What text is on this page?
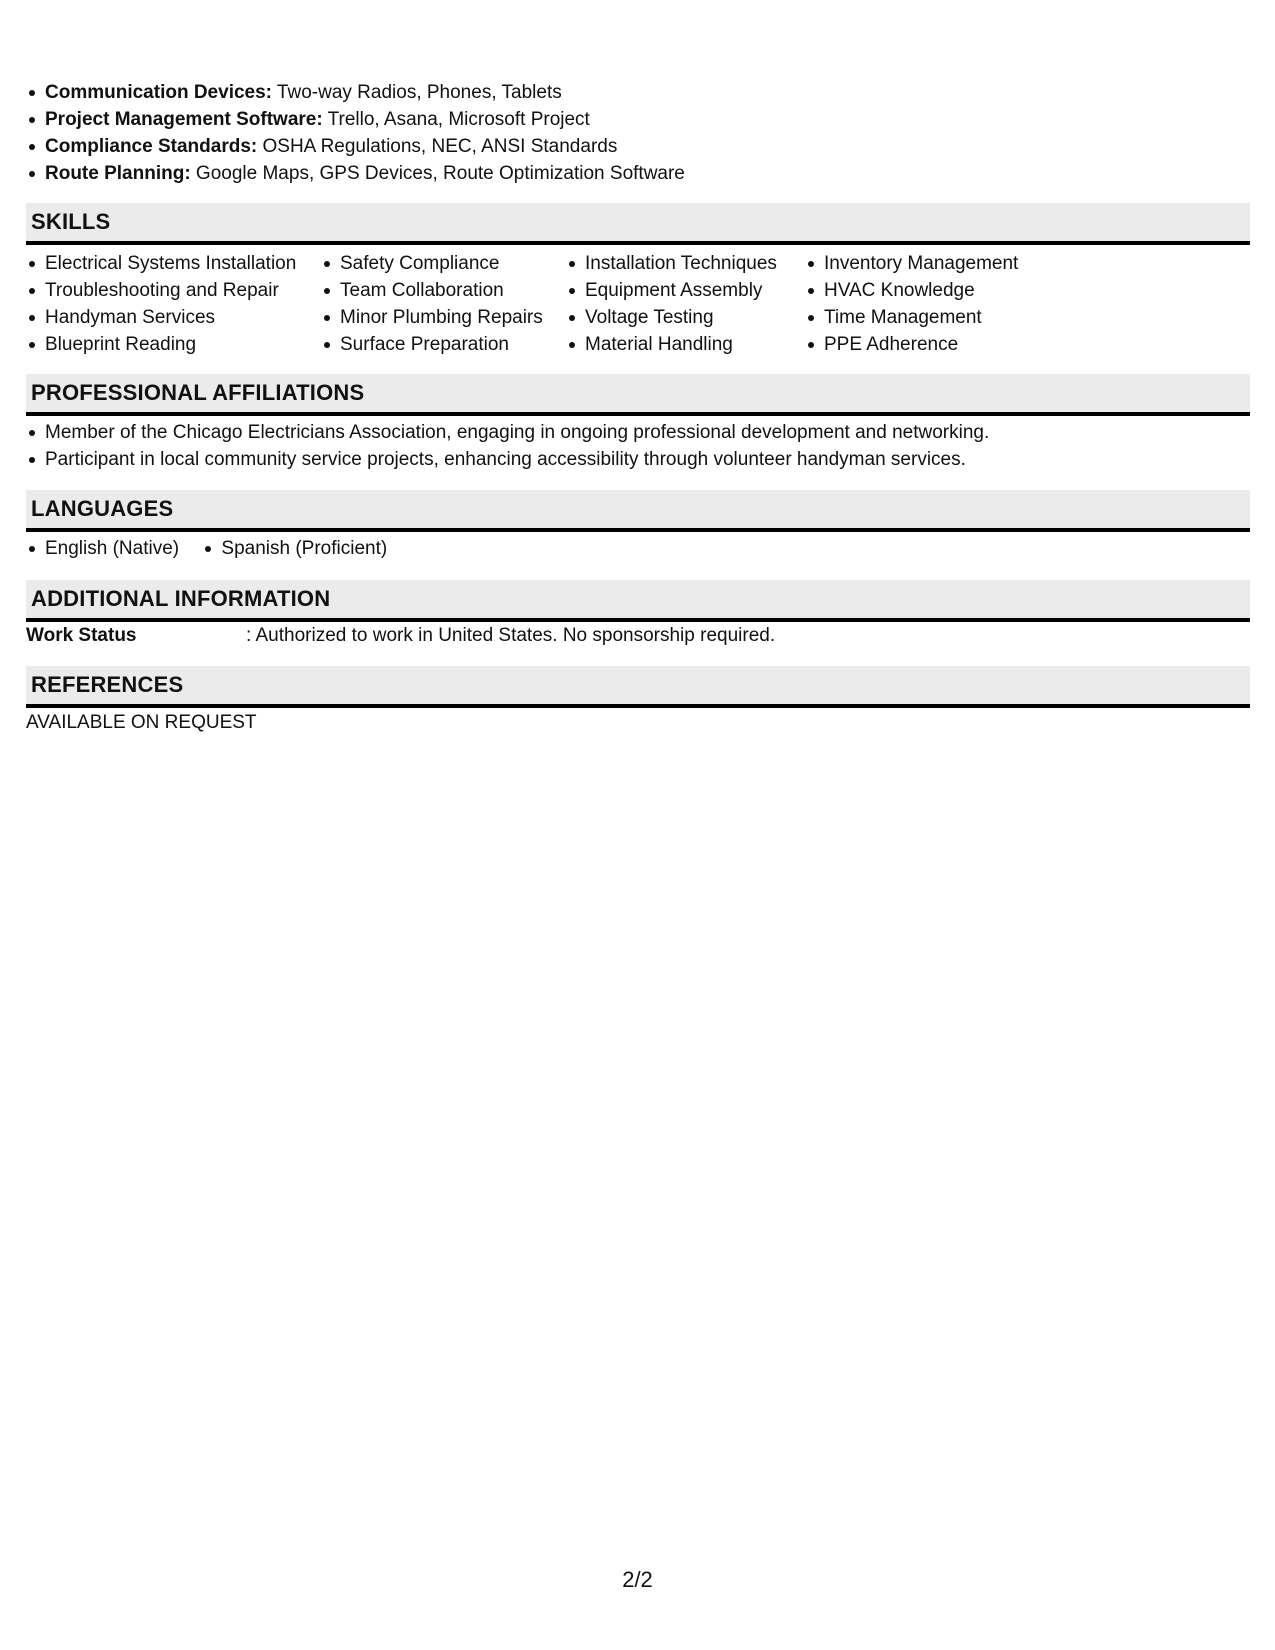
Communication Devices: Two-way Radios, Phones, Tablets
Project Management Software: Trello, Asana, Microsoft Project
Compliance Standards: OSHA Regulations, NEC, ANSI Standards
Route Planning: Google Maps, GPS Devices, Route Optimization Software
SKILLS
Electrical Systems Installation
Troubleshooting and Repair
Handyman Services
Blueprint Reading
Safety Compliance
Team Collaboration
Minor Plumbing Repairs
Surface Preparation
Installation Techniques
Equipment Assembly
Voltage Testing
Material Handling
Inventory Management
HVAC Knowledge
Time Management
PPE Adherence
PROFESSIONAL AFFILIATIONS
Member of the Chicago Electricians Association, engaging in ongoing professional development and networking.
Participant in local community service projects, enhancing accessibility through volunteer handyman services.
LANGUAGES
English (Native) Spanish (Proficient)
ADDITIONAL INFORMATION
Work Status	: Authorized to work in United States. No sponsorship required.
REFERENCES
AVAILABLE ON REQUEST
2/2
